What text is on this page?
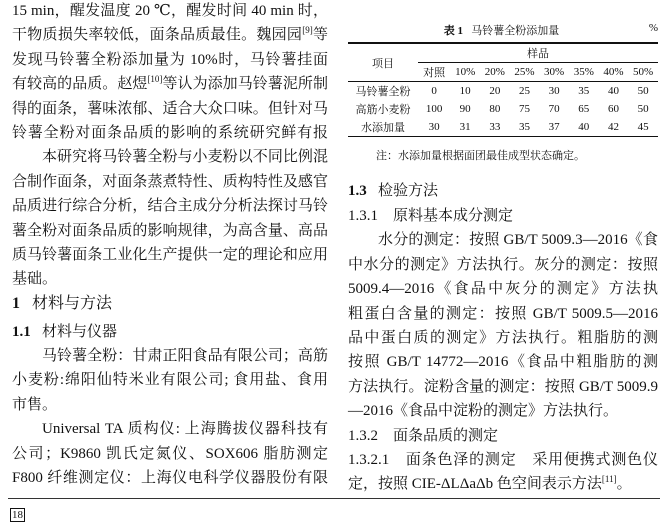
1 材料与方法
1.1 材料与仪器
表 1 马铃薯全粉添加量	%
项目	样品							
	对照	10%	20%	25%	30%	35%	40%	50%
马铃薯全粉	0	10	20	25	30	35	40	50
高筋小麦粉	100	90	80	75	70	65	60	50
水添加量	30	31	33	35	37	40	42	45
注：水添加量根据面团最佳成型状态确定。
1.3 检验方法
18
15 min，醒发温度 20 ℃，醒发时间 40 min 时，
干物质损失率较低，面条品质最佳。魏园园[9]等
发现马铃薯全粉添加量为 10%时，马铃薯挂面
有较高的品质。赵煜[10]等认为添加马铃薯泥所制
得的面条，薯味浓郁、适合大众口味。但针对马
铃薯全粉对面条品质的影响的系统研究鲜有报
本研究将马铃薯全粉与小麦粉以不同比例混
合制作面条，对面条蒸煮特性、质构特性及感官
品质进行综合分析，结合主成分分析法探讨马铃
薯全粉对面条品质的影响规律，为高含量、高品
质马铃薯面条工业化生产提供一定的理论和应用
基础。
马铃薯全粉：甘肃正阳食品有限公司；高筋
小麦粉:绵阳仙特米业有限公司; 食用盐、食用
市售。
Universal TA 质构仪: 上海腾拔仪器科技有
公司；K9860 凯氏定氮仪、SOX606 脂肪测定
F800 纤维测定仪：上海仪电科学仪器股份有限
1.3.1　原料基本成分测定
水分的测定：按照 GB/T 5009.3—2016《食
中水分的测定》方法执行。灰分的测定：按照
5009.4—2016《食品中灰分的测定》方法执
粗蛋白含量的测定：按照 GB/T 5009.5—2016
品中蛋白质的测定》方法执行。粗脂肪的测
按照 GB/T 14772—2016《食品中粗脂肪的测
方法执行。淀粉含量的测定：按照 GB/T 5009.9
—2016《食品中淀粉的测定》方法执行。
1.3.2　面条品质的测定
1.3.2.1　面条色泽的测定　采用便携式测色仪
定，按照 CIE-ΔLΔaΔb 色空间表示方法[11]。
